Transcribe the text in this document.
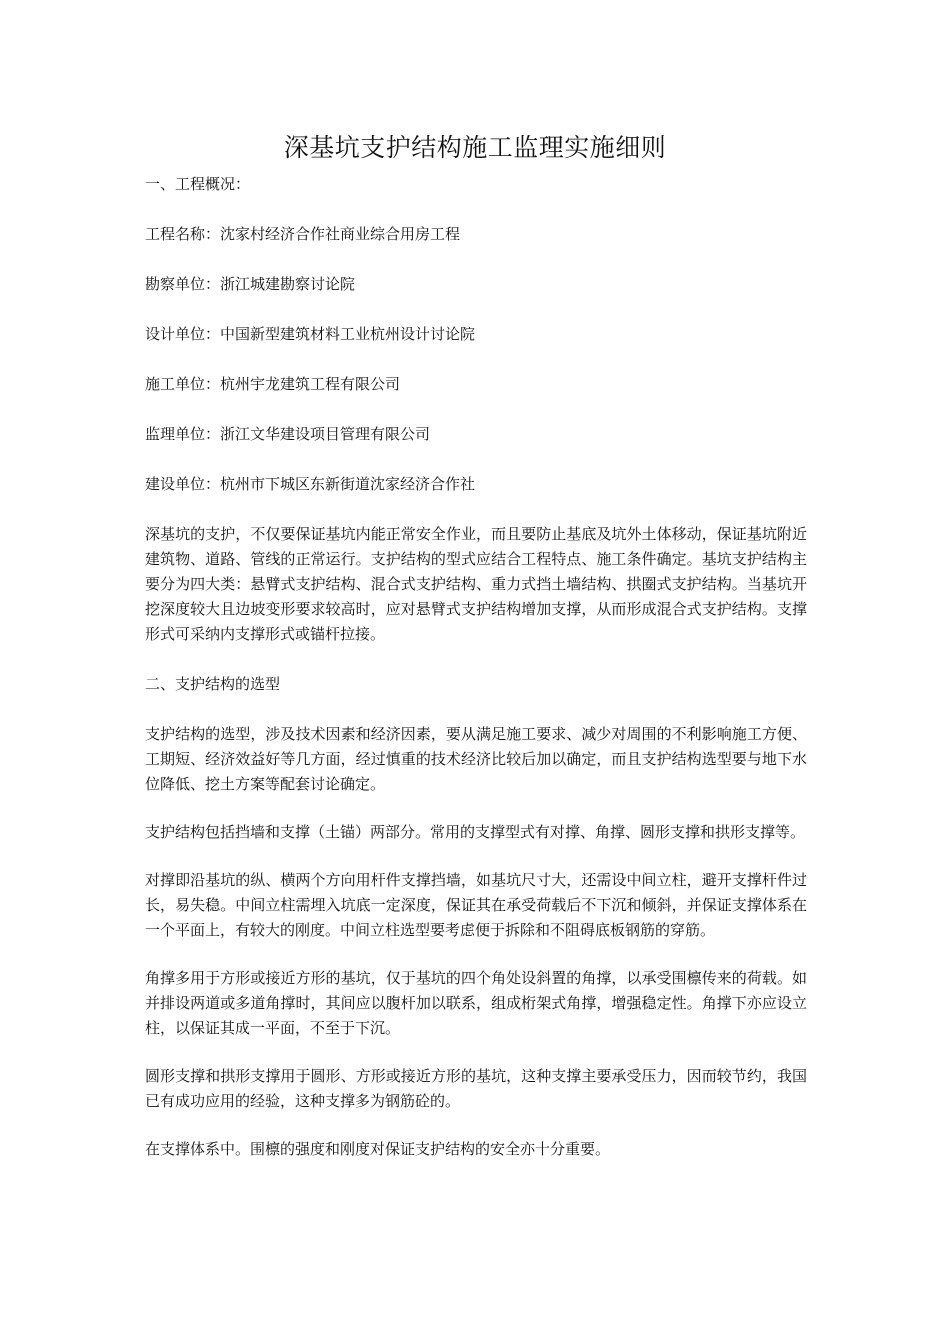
深基坑支护结构施工监理实施细则

一、工程概况：

工程名称：沈家村经济合作社商业综合用房工程

勘察单位：浙江城建勘察讨论院

设计单位：中国新型建筑材料工业杭州设计讨论院

施工单位：杭州宇龙建筑工程有限公司

监理单位：浙江文华建设项目管理有限公司

建设单位：杭州市下城区东新街道沈家经济合作社

深基坑的支护，不仅要保证基坑内能正常安全作业，而且要防止基底及坑外土体移动，保证基坑附近建筑物、道路、管线的正常运行。支护结构的型式应结合工程特点、施工条件确定。基坑支护结构主要分为四大类：悬臂式支护结构、混合式支护结构、重力式挡土墙结构、拱圈式支护结构。当基坑开挖深度较大且边坡变形要求较高时，应对悬臂式支护结构增加支撑，从而形成混合式支护结构。支撑形式可采纳内支撑形式或锚杆拉接。

二、支护结构的选型

支护结构的选型，涉及技术因素和经济因素，要从满足施工要求、减少对周围的不利影响施工方便、工期短、经济效益好等几方面，经过慎重的技术经济比较后加以确定，而且支护结构选型要与地下水位降低、挖土方案等配套讨论确定。

支护结构包括挡墙和支撑（土锚）两部分。常用的支撑型式有对撑、角撑、圆形支撑和拱形支撑等。

对撑即沿基坑的纵、横两个方向用杆件支撑挡墙，如基坑尺寸大，还需设中间立柱，避开支撑杆件过长，易失稳。中间立柱需埋入坑底一定深度，保证其在承受荷载后不下沉和倾斜，并保证支撑体系在一个平面上，有较大的刚度。中间立柱选型要考虑便于拆除和不阻碍底板钢筋的穿筋。

角撑多用于方形或接近方形的基坑，仅于基坑的四个角处设斜置的角撑，以承受围檩传来的荷载。如并排设两道或多道角撑时，其间应以腹杆加以联系，组成桁架式角撑，增强稳定性。角撑下亦应设立柱，以保证其成一平面，不至于下沉。

圆形支撑和拱形支撑用于圆形、方形或接近方形的基坑，这种支撑主要承受压力，因而较节约，我国已有成功应用的经验，这种支撑多为钢筋砼的。

在支撑体系中。围檩的强度和刚度对保证支护结构的安全亦十分重要。
